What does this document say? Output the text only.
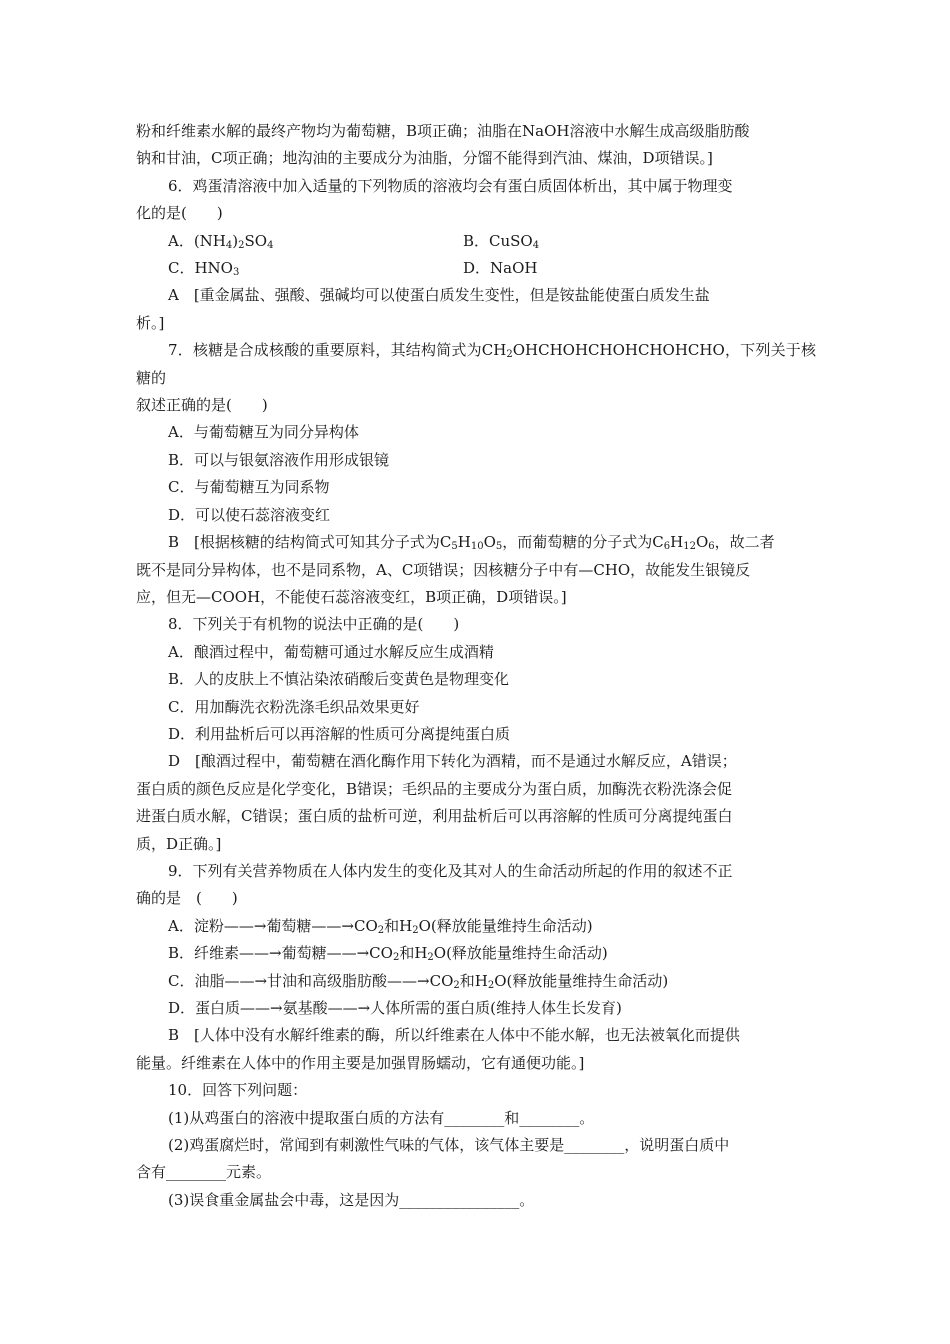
粉和纤维素水解的最终产物均为葡萄糖，B项正确；油脂在NaOH溶液中水解生成高级脂肪酸

钠和甘油，C项正确；地沟油的主要成分为油脂，分馏不能得到汽油、煤油，D项错误。]

6．鸡蛋清溶液中加入适量的下列物质的溶液均会有蛋白质固体析出，其中属于物理变

化的是(　　)

A．$(NH_4)_2SO_4$	B．CuSO$_4$
C．$HNO_3$	D．NaOH

A　[重金属盐、强酸、强碱均可以使蛋白质发生变性，但是铵盐能使蛋白质发生盐

析。]

7．核糖是合成核酸的重要原料，其结构简式为$CH_2OHCHOHCHOHCHOHCHO$，下列关于核糖的

叙述正确的是(　　)

A．与葡萄糖互为同分异构体

B．可以与银氨溶液作用形成银镜

C．与葡萄糖互为同系物

D．可以使石蕊溶液变红

B　[根据核糖的结构简式可知其分子式为$C_5H_{10}O_5$，而葡萄糖的分子式为$C_6H_{12}O_6$，故二者

既不是同分异构体，也不是同系物，A、C项错误；因核糖分子中有—CHO，故能发生银镜反

应，但无—COOH，不能使石蕊溶液变红，B项正确，D项错误。]

8．下列关于有机物的说法中正确的是(　　)

A．酿酒过程中，葡萄糖可通过水解反应生成酒精

B．人的皮肤上不慎沾染浓硝酸后变黄色是物理变化

C．用加酶洗衣粉洗涤毛织品效果更好

D．利用盐析后可以再溶解的性质可分离提纯蛋白质

D　[酿酒过程中，葡萄糖在酒化酶作用下转化为酒精，而不是通过水解反应，A错误；

蛋白质的颜色反应是化学变化，B错误；毛织品的主要成分为蛋白质，加酶洗衣粉洗涤会促

进蛋白质水解，C错误；蛋白质的盐析可逆，利用盐析后可以再溶解的性质可分离提纯蛋白

质，D正确。]

9．下列有关营养物质在人体内发生的变化及其对人的生命活动所起的作用的叙述不正

确的是　(　　)

A．淀粉——→葡萄糖$——\to CO_2$和$H_2O$(释放能量维持生命活动)

B．纤维素——→葡萄糖$——\to CO_2$和$H_2O$(释放能量维持生命活动)

C．油脂——→甘油和高级脂肪酸$——\to CO_2$和$H_2O$(释放能量维持生命活动)

D．蛋白质——→氨基酸——→人体所需的蛋白质(维持人体生长发育)

B　[人体中没有水解纤维素的酶，所以纤维素在人体中不能水解，也无法被氧化而提供

能量。纤维素在人体中的作用主要是加强胃肠蠕动，它有通便功能。]

10．回答下列问题：

(1)从鸡蛋白的溶液中提取蛋白质的方法有________和________。

(2)鸡蛋腐烂时，常闻到有刺激性气味的气体，该气体主要是________，说明蛋白质中

含有________元素。

(3)误食重金属盐会中毒，这是因为________________。
